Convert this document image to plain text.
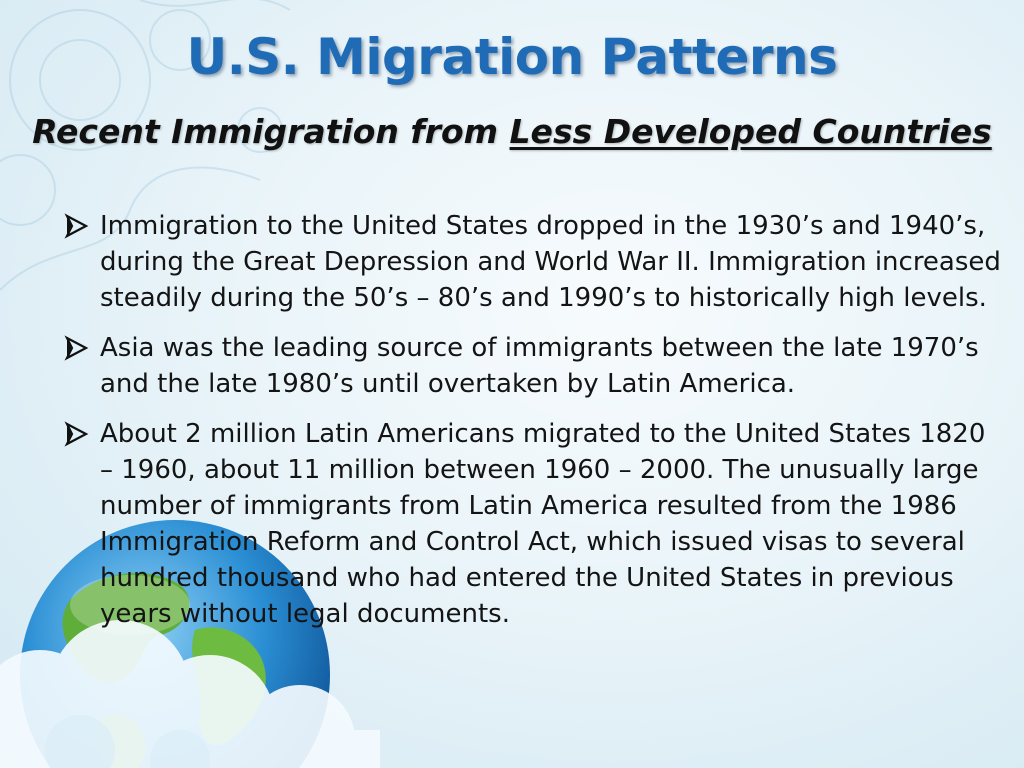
U.S. Migration Patterns
Recent Immigration from Less Developed Countries
Immigration to the United States dropped in the 1930’s and 1940’s, during the Great Depression and World War II. Immigration increased steadily during the 50’s – 80’s and 1990’s to historically high levels.
Asia was the leading source of immigrants between the late 1970’s and the late 1980’s until overtaken by Latin America.
About 2 million Latin Americans migrated to the United States 1820 – 1960, about 11 million between 1960 – 2000. The unusually large number of immigrants from Latin America resulted from the 1986 Immigration Reform and Control Act, which issued visas to several hundred thousand who had entered the United States in previous years without legal documents.
